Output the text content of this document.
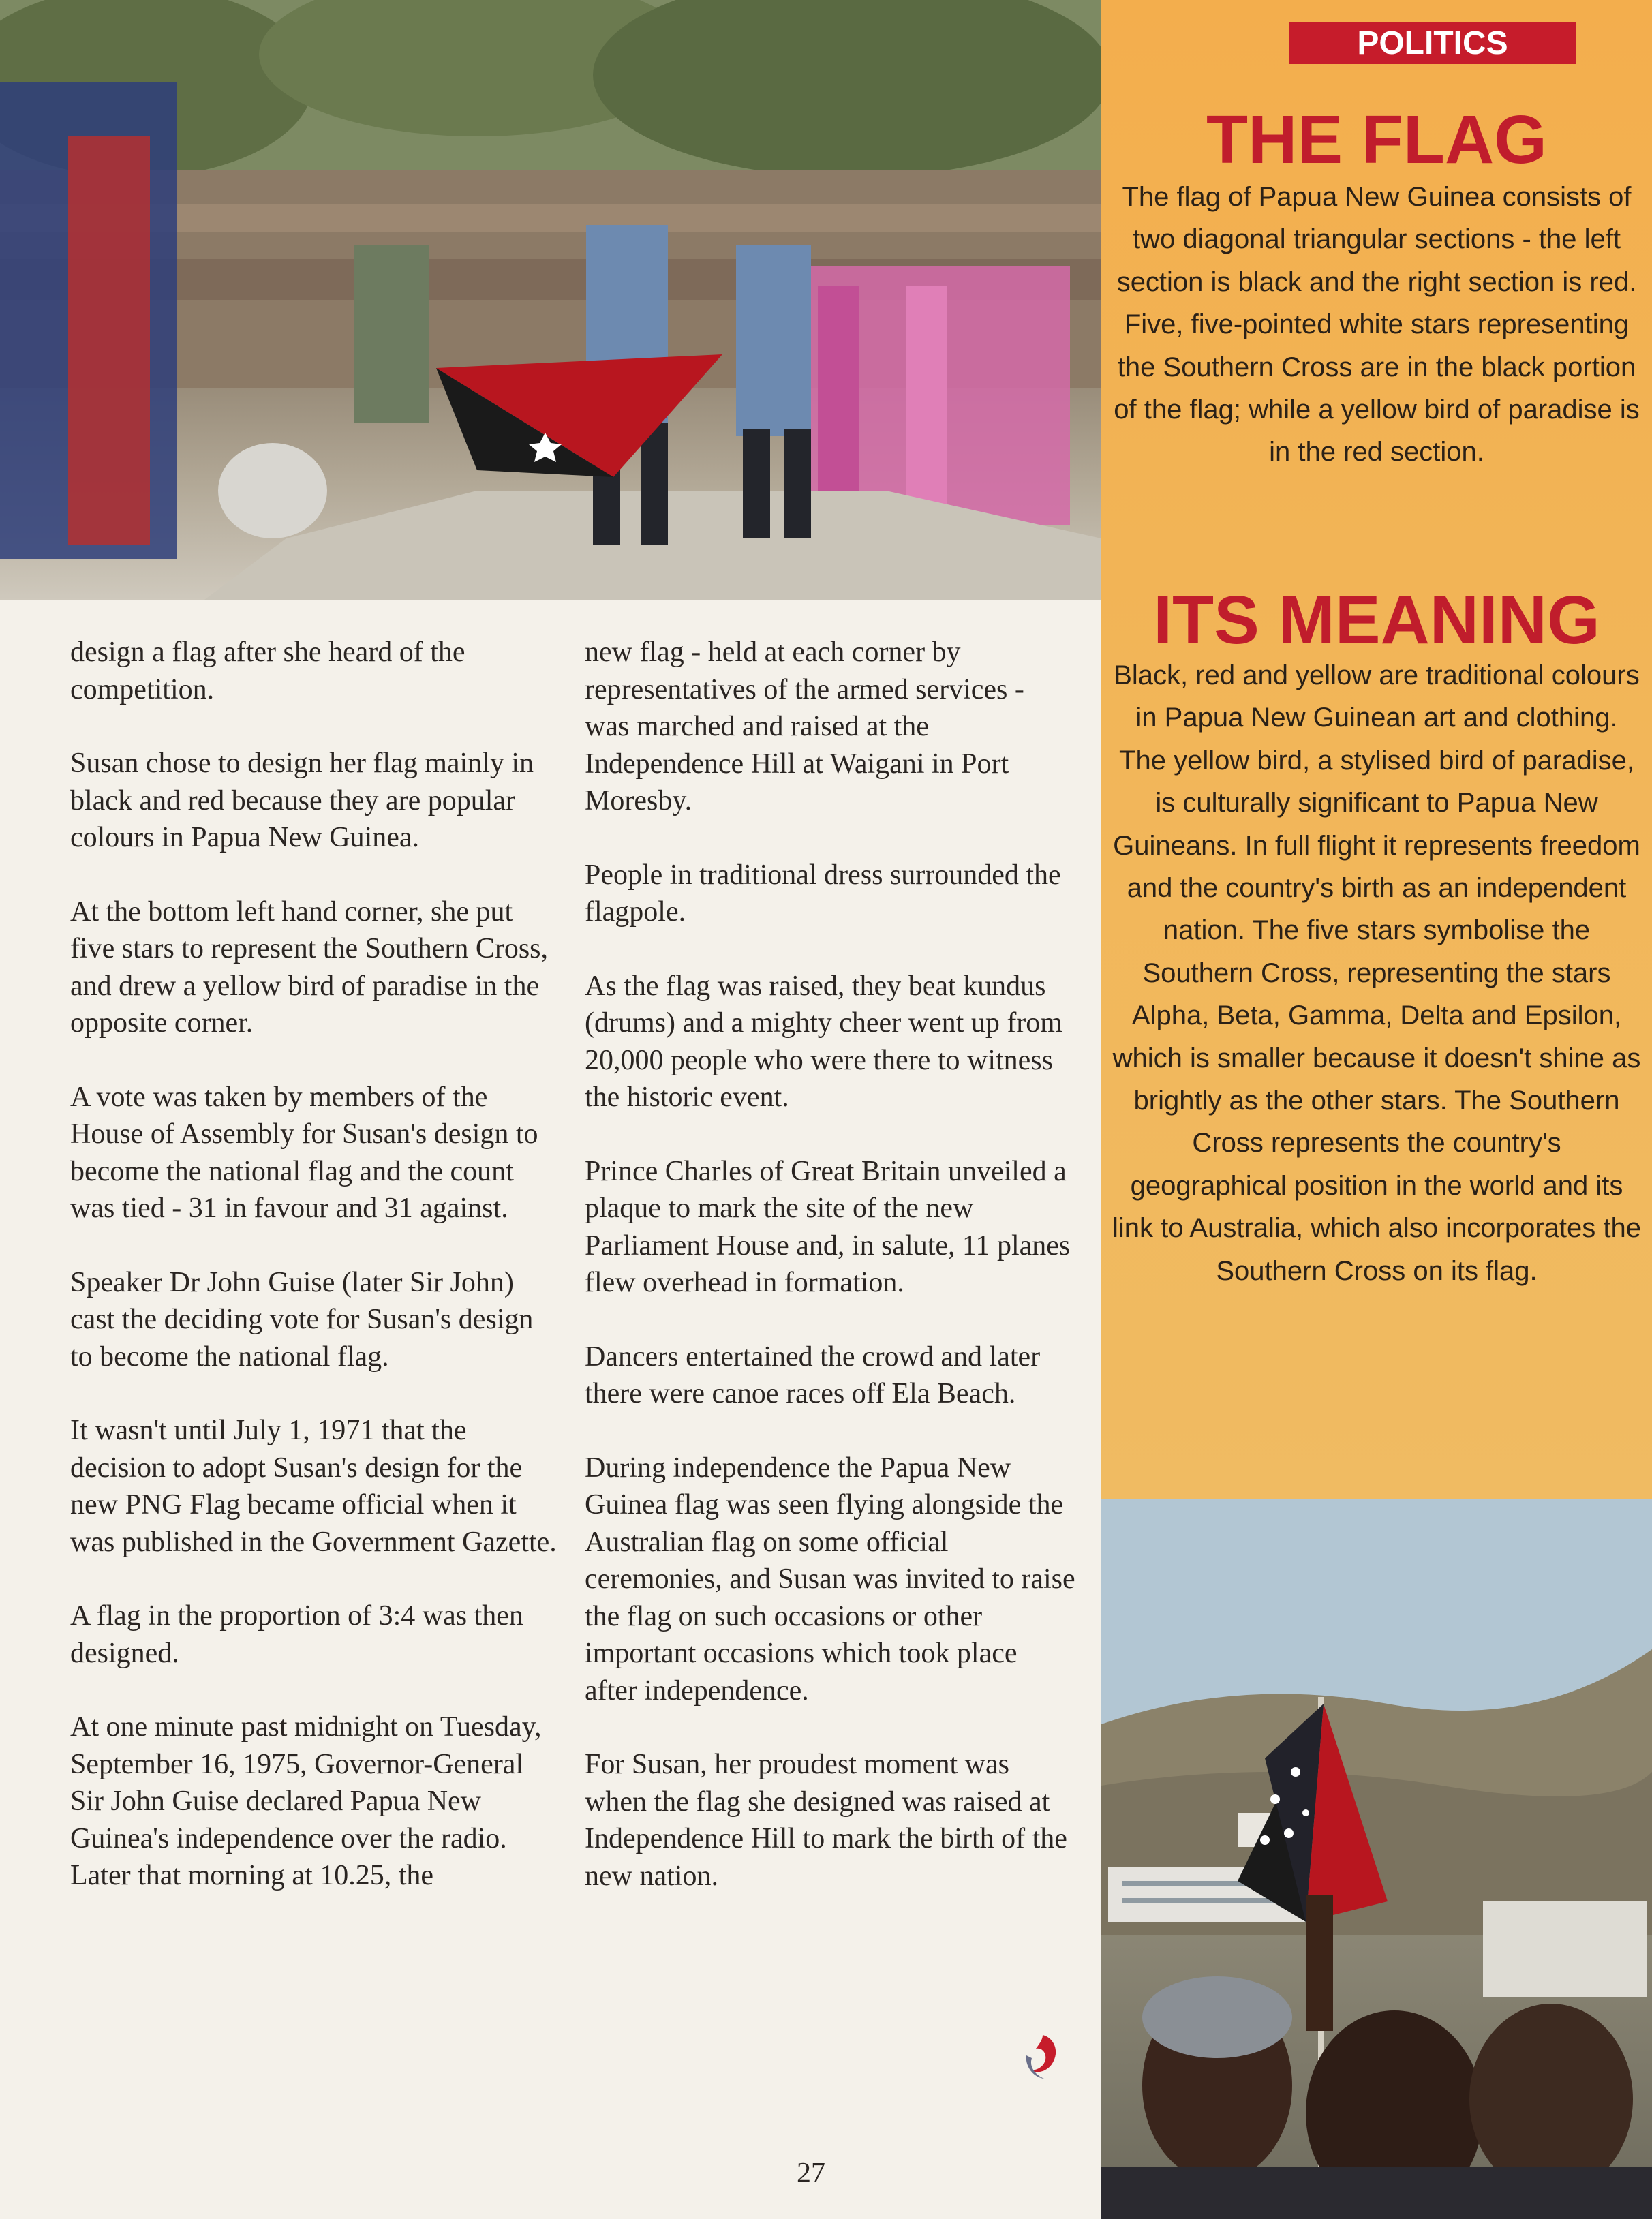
POLITICS
THE FLAG

The flag of Papua New Guinea consists of two diagonal triangular sections - the left section is black and the right section is red. Five, five-pointed white stars representing the Southern Cross are in the black portion of the flag; while a yellow bird of paradise is in the red section.

ITS MEANING

Black, red and yellow are traditional colours in Papua New Guinean art and clothing. The yellow bird, a stylised bird of paradise, is culturally significant to Papua New Guineans. In full flight it represents freedom and the country's birth as an independent nation. The five stars symbolise the Southern Cross, representing the stars Alpha, Beta, Gamma, Delta and Epsilon, which is smaller because it doesn't shine as brightly as the other stars. The Southern Cross represents the country's geographical position in the world and its link to Australia, which also incorporates the Southern Cross on its flag.

design a flag after she heard of the competition.

Susan chose to design her flag mainly in black and red because they are popular colours in Papua New Guinea.

At the bottom left hand corner, she put five stars to represent the Southern Cross, and drew a yellow bird of paradise in the opposite corner.

A vote was taken by members of the House of Assembly for Susan's design to become the national flag and the count was tied - 31 in favour and 31 against.

Speaker Dr John Guise (later Sir John) cast the deciding vote for Susan's design to become the national flag.

It wasn't until July 1, 1971 that the decision to adopt Susan's design for the new PNG Flag became official when it was published in the Government Gazette.

A flag in the proportion of 3:4 was then designed.

At one minute past midnight on Tuesday, September 16, 1975, Governor-General Sir John Guise declared Papua New Guinea's independence over the radio. Later that morning at 10.25, the

new flag - held at each corner by representatives of the armed services - was marched and raised at the Independence Hill at Waigani in Port Moresby.

People in traditional dress surrounded the flagpole.

As the flag was raised, they beat kundus (drums) and a mighty cheer went up from 20,000 people who were there to witness the historic event.

Prince Charles of Great Britain unveiled a plaque to mark the site of the new Parliament House and, in salute, 11 planes flew overhead in formation.

Dancers entertained the crowd and later there were canoe races off Ela Beach.

During independence the Papua New Guinea flag was seen flying alongside the Australian flag on some official ceremonies, and Susan was invited to raise the flag on such occasions or other important occasions which took place after independence.

For Susan, her proudest moment was when the flag she designed was raised at Independence Hill to mark the birth of the new nation.

27
